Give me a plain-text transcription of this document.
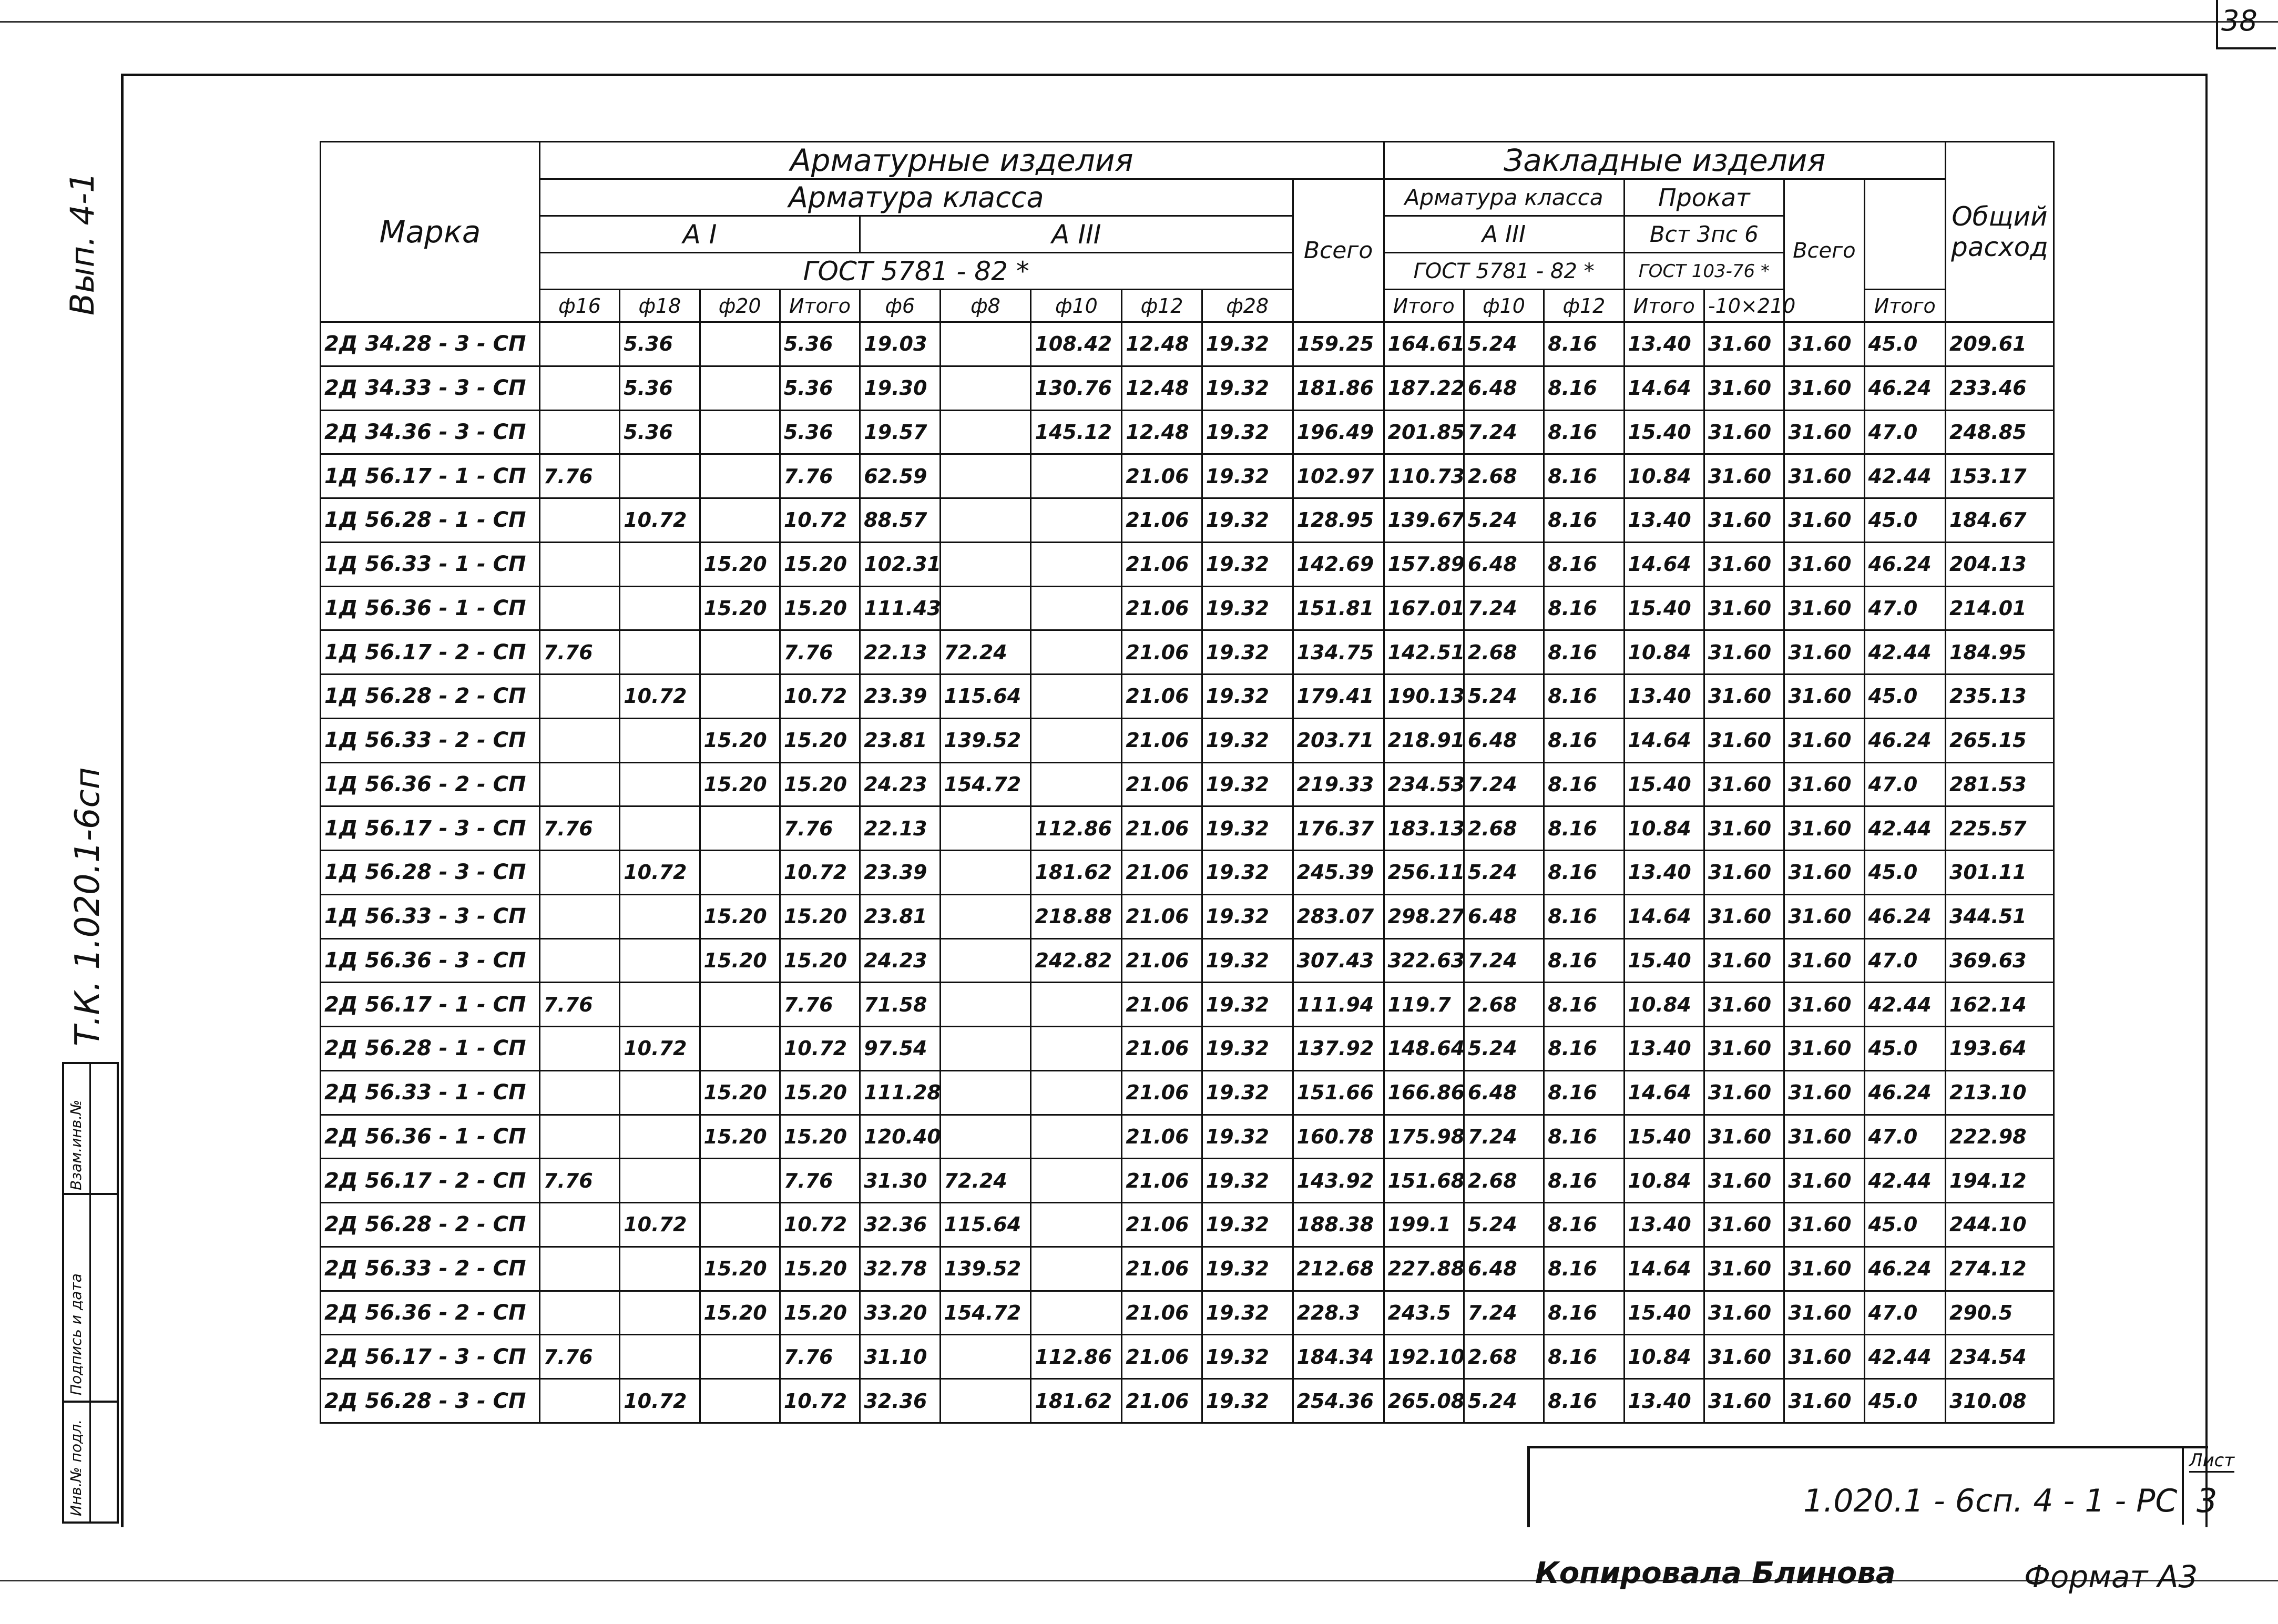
38
Вып. 4-1
Т.К. 1.020.1-6сп
Взам.инв.№
Подпись и дата
Инв.№ подл.
Марка	Арматурные изделия										Закладные изделия							Общий расход
	Арматура класса									Всего	Арматура класса			Прокат		Всего		
	А I				А III						А III			Вст 3пс 6				
	ГОСТ 5781 - 82 *										ГОСТ 5781 - 82 *			ГОСТ 103-76 *				
	ф16	ф18	ф20	Итого	ф6	ф8	ф10	ф12	ф28		Итого	ф10	ф12	Итого	-10×210		Итого	
2Д 34.28 - 3 - СП		5.36		5.36	19.03		108.42	12.48	19.32	159.25	164.61	5.24	8.16	13.40	31.60	31.60	45.0	209.61
2Д 34.33 - 3 - СП		5.36		5.36	19.30		130.76	12.48	19.32	181.86	187.22	6.48	8.16	14.64	31.60	31.60	46.24	233.46
2Д 34.36 - 3 - СП		5.36		5.36	19.57		145.12	12.48	19.32	196.49	201.85	7.24	8.16	15.40	31.60	31.60	47.0	248.85
1Д 56.17 - 1 - СП	7.76			7.76	62.59			21.06	19.32	102.97	110.73	2.68	8.16	10.84	31.60	31.60	42.44	153.17
1Д 56.28 - 1 - СП		10.72		10.72	88.57			21.06	19.32	128.95	139.67	5.24	8.16	13.40	31.60	31.60	45.0	184.67
1Д 56.33 - 1 - СП			15.20	15.20	102.31			21.06	19.32	142.69	157.89	6.48	8.16	14.64	31.60	31.60	46.24	204.13
1Д 56.36 - 1 - СП			15.20	15.20	111.43			21.06	19.32	151.81	167.01	7.24	8.16	15.40	31.60	31.60	47.0	214.01
1Д 56.17 - 2 - СП	7.76			7.76	22.13	72.24		21.06	19.32	134.75	142.51	2.68	8.16	10.84	31.60	31.60	42.44	184.95
1Д 56.28 - 2 - СП		10.72		10.72	23.39	115.64		21.06	19.32	179.41	190.13	5.24	8.16	13.40	31.60	31.60	45.0	235.13
1Д 56.33 - 2 - СП			15.20	15.20	23.81	139.52		21.06	19.32	203.71	218.91	6.48	8.16	14.64	31.60	31.60	46.24	265.15
1Д 56.36 - 2 - СП			15.20	15.20	24.23	154.72		21.06	19.32	219.33	234.53	7.24	8.16	15.40	31.60	31.60	47.0	281.53
1Д 56.17 - 3 - СП	7.76			7.76	22.13		112.86	21.06	19.32	176.37	183.13	2.68	8.16	10.84	31.60	31.60	42.44	225.57
1Д 56.28 - 3 - СП		10.72		10.72	23.39		181.62	21.06	19.32	245.39	256.11	5.24	8.16	13.40	31.60	31.60	45.0	301.11
1Д 56.33 - 3 - СП			15.20	15.20	23.81		218.88	21.06	19.32	283.07	298.27	6.48	8.16	14.64	31.60	31.60	46.24	344.51
1Д 56.36 - 3 - СП			15.20	15.20	24.23		242.82	21.06	19.32	307.43	322.63	7.24	8.16	15.40	31.60	31.60	47.0	369.63
2Д 56.17 - 1 - СП	7.76			7.76	71.58			21.06	19.32	111.94	119.7	2.68	8.16	10.84	31.60	31.60	42.44	162.14
2Д 56.28 - 1 - СП		10.72		10.72	97.54			21.06	19.32	137.92	148.64	5.24	8.16	13.40	31.60	31.60	45.0	193.64
2Д 56.33 - 1 - СП			15.20	15.20	111.28			21.06	19.32	151.66	166.86	6.48	8.16	14.64	31.60	31.60	46.24	213.10
2Д 56.36 - 1 - СП			15.20	15.20	120.40			21.06	19.32	160.78	175.98	7.24	8.16	15.40	31.60	31.60	47.0	222.98
2Д 56.17 - 2 - СП	7.76			7.76	31.30	72.24		21.06	19.32	143.92	151.68	2.68	8.16	10.84	31.60	31.60	42.44	194.12
2Д 56.28 - 2 - СП		10.72		10.72	32.36	115.64		21.06	19.32	188.38	199.1	5.24	8.16	13.40	31.60	31.60	45.0	244.10
2Д 56.33 - 2 - СП			15.20	15.20	32.78	139.52		21.06	19.32	212.68	227.88	6.48	8.16	14.64	31.60	31.60	46.24	274.12
2Д 56.36 - 2 - СП			15.20	15.20	33.20	154.72		21.06	19.32	228.3	243.5	7.24	8.16	15.40	31.60	31.60	47.0	290.5
2Д 56.17 - 3 - СП	7.76			7.76	31.10		112.86	21.06	19.32	184.34	192.10	2.68	8.16	10.84	31.60	31.60	42.44	234.54
2Д 56.28 - 3 - СП		10.72		10.72	32.36		181.62	21.06	19.32	254.36	265.08	5.24	8.16	13.40	31.60	31.60	45.0	310.08
1.020.1 - 6сп. 4 - 1 - РС
Лист
3
Копировала Блинова	Формат А3
